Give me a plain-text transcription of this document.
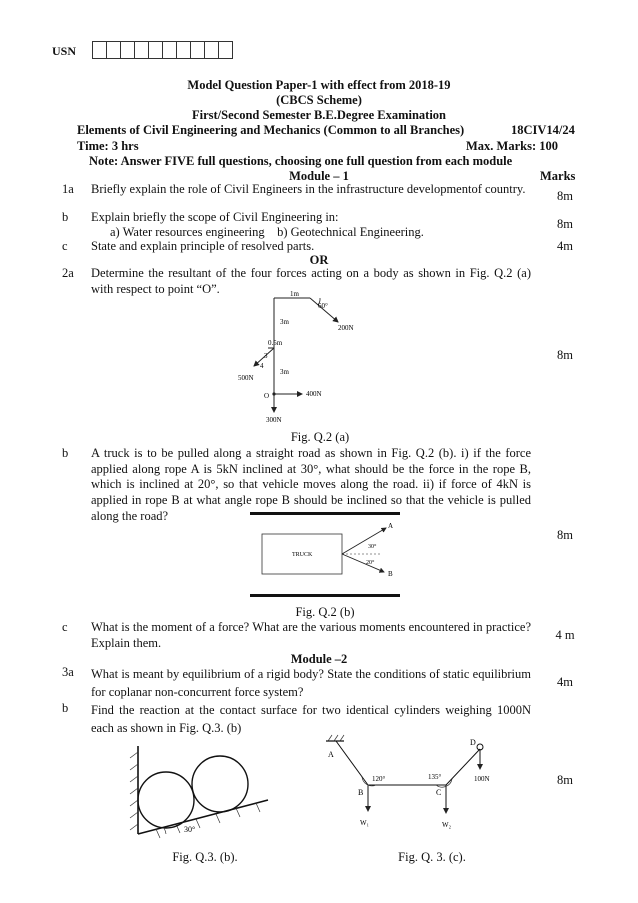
USN
Model Question Paper-1 with effect from 2018-19
(CBCS Scheme)
First/Second Semester B.E.Degree Examination
Elements of Civil Engineering and Mechanics (Common to all Branches)	18CIV14/24
Time: 3 hrs	Max. Marks: 100
Note: Answer FIVE full questions, choosing one full question from each module
Module – 1	Marks
1a	Briefly explain the role of Civil Engineers in the infrastructure developmentof country.	8m
b	Explain briefly the scope of Civil Engineering in:
a) Water resources engineering    b) Geotechnical Engineering.
8m
c	State and explain principle of resolved parts.	4m
OR
2a	Determine the resultant of the four forces acting on a body as shown in Fig. Q.2 (a) with respect to point “O”.
8m
1m
60°
3m
200N
0.5m
3
4
500N
3m
O	400N
300N
Fig. Q.2 (a)
b	A truck is to be pulled along a straight road as shown in Fig. Q.2 (b). i) if the force applied along rope A is 5kN inclined at 30°, what should be the force in the rope B, which is inclined at 20°, so that vehicle moves along the road. ii) if force of 4kN is applied in rope B at what angle rope B should be inclined so that the vehicle is pulled along the road?
8m
TRUCK
A
B
30°
20°
Fig. Q.2 (b)
c	What is the moment of a force? What are the various moments encountered in practice? Explain them.
4 m
Module –2
3a	What is meant by equilibrium of a rigid body? State the conditions of static equilibrium for coplanar non-concurrent force system?
4m
b	Find the reaction at the contact surface for two identical cylinders weighing 1000N each as shown in Fig. Q.3. (b)
8m
30°
Fig. Q.3. (b).
A
B	C
D
120°	135°	100N
W₁	W₂
Fig. Q. 3. (c).
